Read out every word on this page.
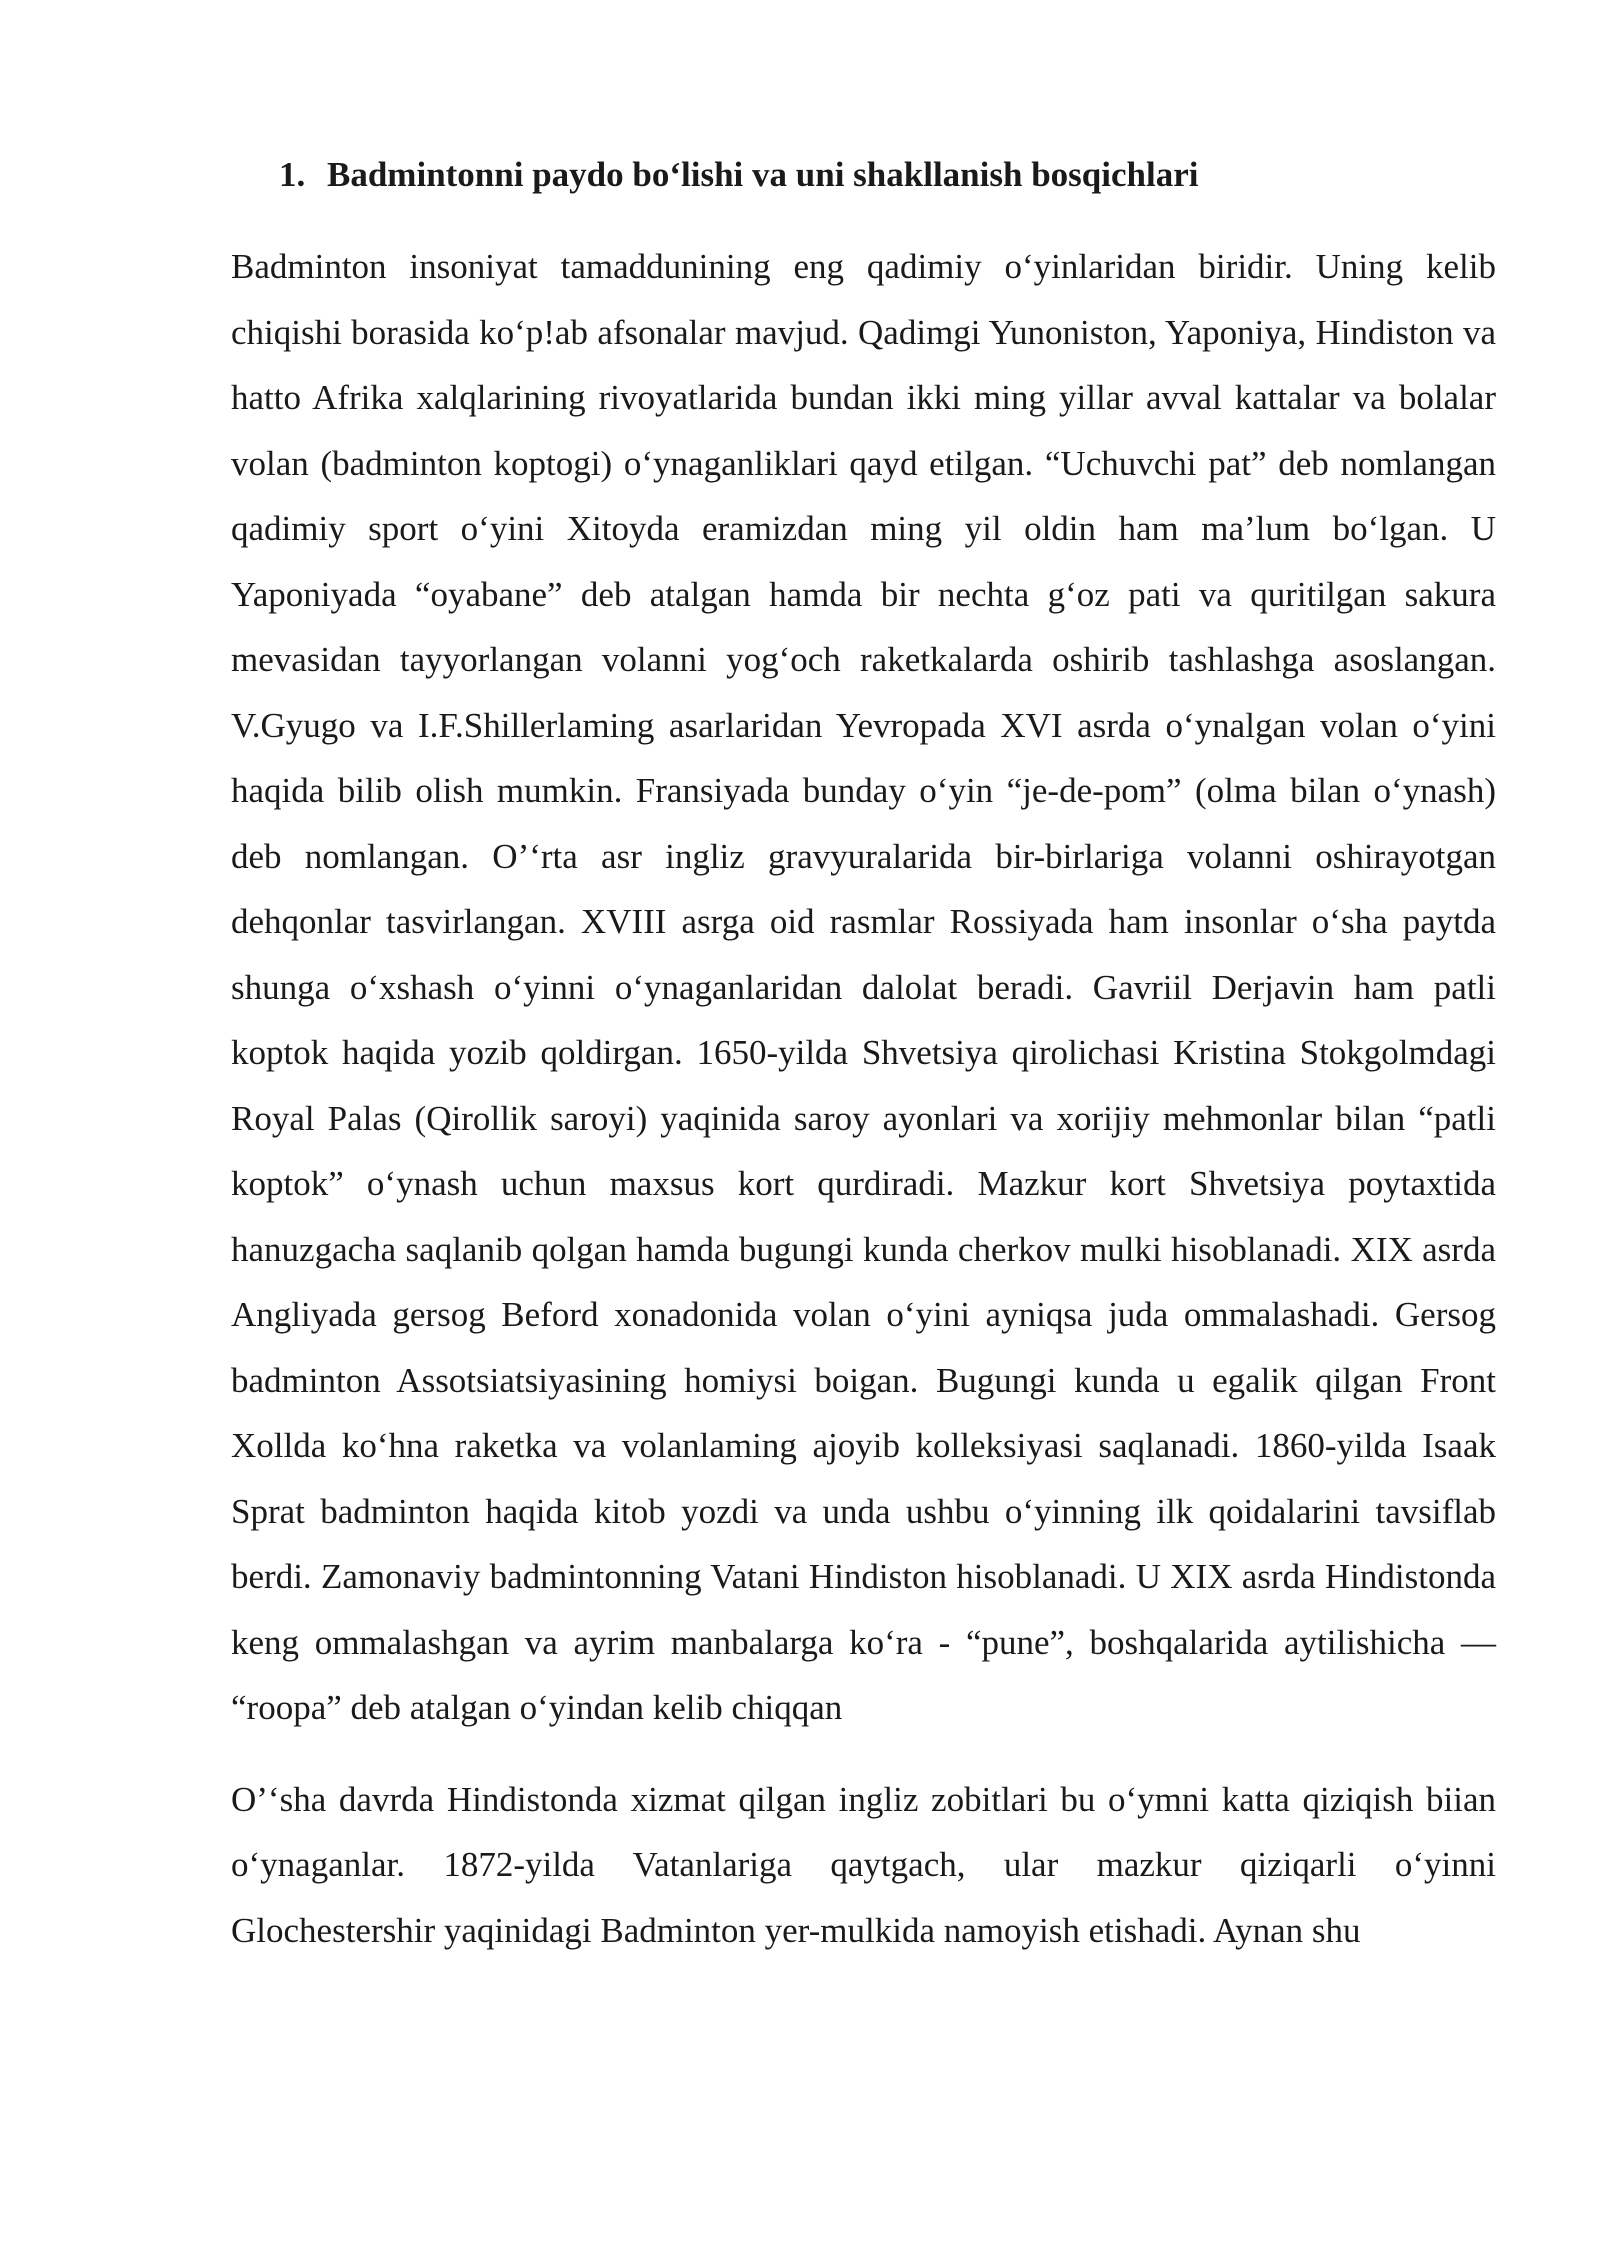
1. Badmintonni paydo bo‘lishi va uni shakllanish bosqichlari

Badminton insoniyat tamaddunining eng qadimiy o‘yinlaridan biridir. Uning kelib chiqishi borasida ko‘p!ab afsonalar mavjud. Qadimgi Yunoniston, Yaponiya, Hindiston va hatto Afrika xalqlarining rivoyatlarida bundan ikki ming yillar avval kattalar va bolalar volan (badminton koptogi) o‘ynaganliklari qayd etilgan. “Uchuvchi pat” deb nomlangan qadimiy sport o‘yini Xitoyda eramizdan ming yil oldin ham ma’lum bo‘lgan. U Yaponiyada “oyabane” deb atalgan hamda bir nechta g‘oz pati va quritilgan sakura mevasidan tayyorlangan volanni yog‘och raketkalarda oshirib tashlashga asoslangan. V.Gyugo va I.F.Shillerlaming asarlaridan Yevropada XVI asrda o‘ynalgan volan o‘yini haqida bilib olish mumkin. Fransiyada bunday o‘yin “je-de-pom” (olma bilan o‘ynash) deb nomlangan. O’‘rta asr ingliz gravyuralarida bir-birlariga volanni oshirayotgan dehqonlar tasvirlangan. XVIII asrga oid rasmlar Rossiyada ham insonlar o‘sha paytda shunga o‘xshash o‘yinni o‘ynaganlaridan dalolat beradi. Gavriil Derjavin ham patli koptok haqida yozib qoldirgan. 1650-yilda Shvetsiya qirolichasi Kristina Stokgolmdagi Royal Palas (Qirollik saroyi) yaqinida saroy ayonlari va xorijiy mehmonlar bilan “patli koptok” o‘ynash uchun maxsus kort qurdiradi. Mazkur kort Shvetsiya poytaxtida hanuzgacha saqlanib qolgan hamda bugungi kunda cherkov mulki hisoblanadi. XIX asrda Angliyada gersog Beford xonadonida volan o‘yini ayniqsa juda ommalashadi. Gersog badminton Assotsiatsiyasining homiysi boigan. Bugungi kunda u egalik qilgan Front Xollda ko‘hna raketka va volanlaming ajoyib kolleksiyasi saqlanadi. 1860-yilda Isaak Sprat badminton haqida kitob yozdi va unda ushbu o‘yinning ilk qoidalarini tavsiflab berdi. Zamonaviy badmintonning Vatani Hindiston hisoblanadi. U XIX asrda Hindistonda keng ommalashgan va ayrim manbalarga ko‘ra - “pune”, boshqalarida aytilishicha — “roopa” deb atalgan o‘yindan kelib chiqqan

O’‘sha davrda Hindistonda xizmat qilgan ingliz zobitlari bu o‘ymni katta qiziqish biian o‘ynaganlar. 1872-yilda Vatanlariga qaytgach, ular mazkur qiziqarli o‘yinni Glochestershir yaqinidagi Badminton yer-mulkida namoyish etishadi. Aynan shu
